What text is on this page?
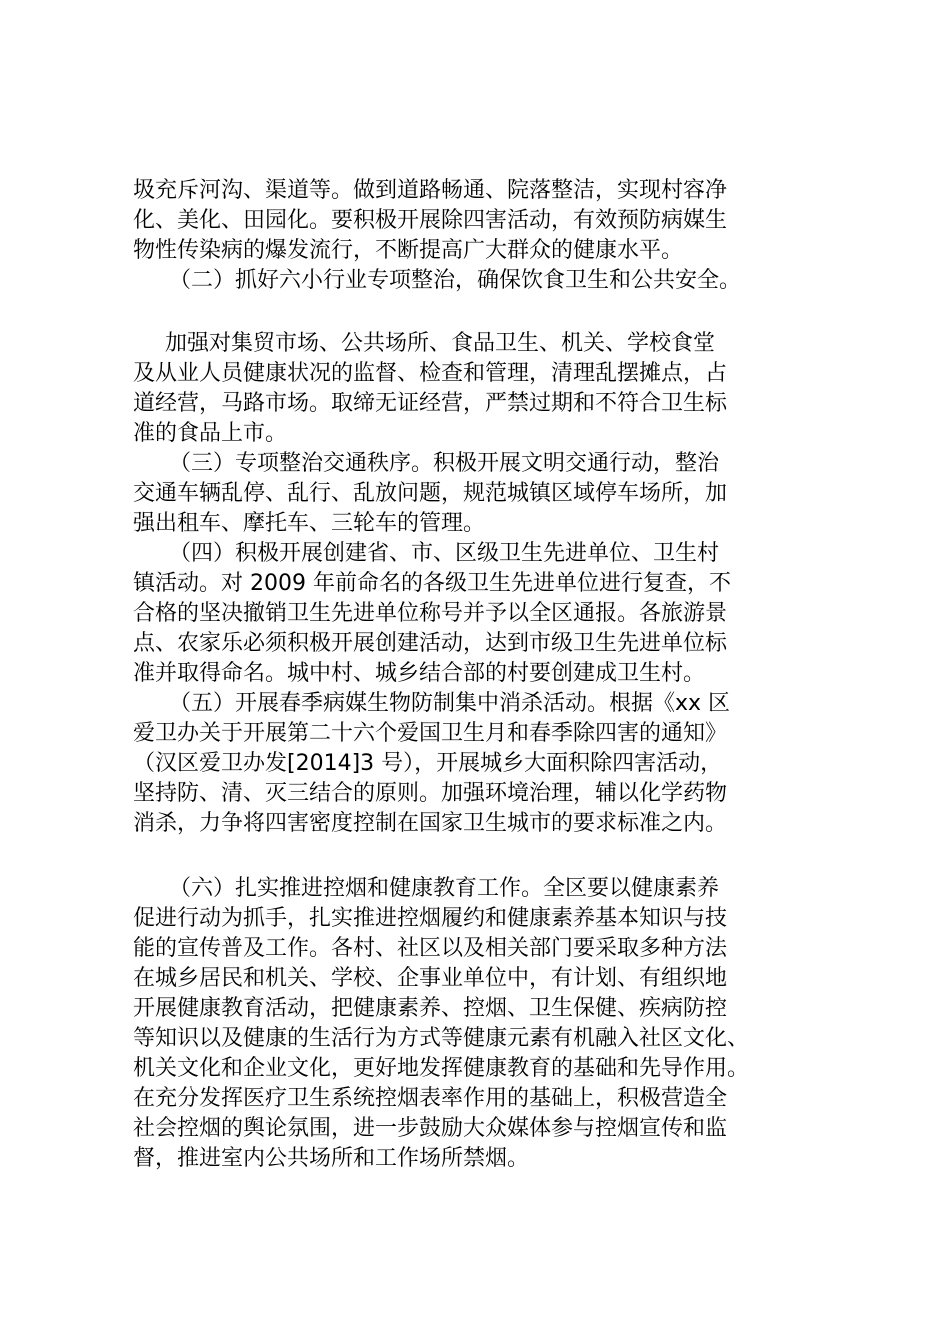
圾充斥河沟、渠道等。做到道路畅通、院落整洁，实现村容净
化、美化、田园化。要积极开展除四害活动，有效预防病媒生
物性传染病的爆发流行，不断提高广大群众的健康水平。
（二）抓好六小行业专项整治，确保饮食卫生和公共安全。
加强对集贸市场、公共场所、食品卫生、机关、学校食堂
及从业人员健康状况的监督、检查和管理，清理乱摆摊点，占
道经营，马路市场。取缔无证经营，严禁过期和不符合卫生标
准的食品上市。
（三）专项整治交通秩序。积极开展文明交通行动，整治
交通车辆乱停、乱行、乱放问题，规范城镇区域停车场所，加
强出租车、摩托车、三轮车的管理。
（四）积极开展创建省、市、区级卫生先进单位、卫生村
镇活动。对 2009 年前命名的各级卫生先进单位进行复查，不
合格的坚决撤销卫生先进单位称号并予以全区通报。各旅游景
点、农家乐必须积极开展创建活动，达到市级卫生先进单位标
准并取得命名。城中村、城乡结合部的村要创建成卫生村。
（五）开展春季病媒生物防制集中消杀活动。根据《xx 区
爱卫办关于开展第二十六个爱国卫生月和春季除四害的通知》
（汉区爱卫办发[2014]3 号），开展城乡大面积除四害活动，
坚持防、清、灭三结合的原则。加强环境治理，辅以化学药物
消杀，力争将四害密度控制在国家卫生城市的要求标准之内。
（六）扎实推进控烟和健康教育工作。全区要以健康素养
促进行动为抓手，扎实推进控烟履约和健康素养基本知识与技
能的宣传普及工作。各村、社区以及相关部门要采取多种方法
在城乡居民和机关、学校、企事业单位中，有计划、有组织地
开展健康教育活动，把健康素养、控烟、卫生保健、疾病防控
等知识以及健康的生活行为方式等健康元素有机融入社区文化、
机关文化和企业文化，更好地发挥健康教育的基础和先导作用。
在充分发挥医疗卫生系统控烟表率作用的基础上，积极营造全
社会控烟的舆论氛围，进一步鼓励大众媒体参与控烟宣传和监
督，推进室内公共场所和工作场所禁烟。
